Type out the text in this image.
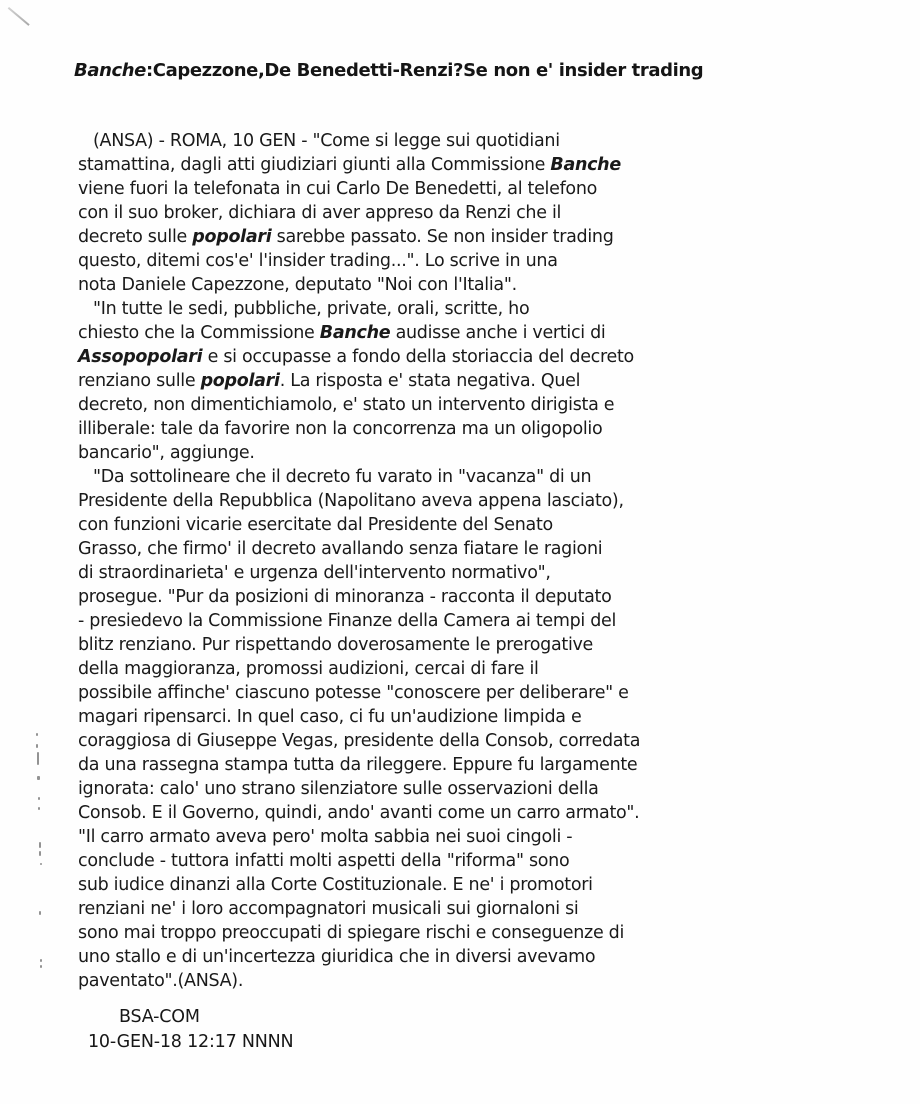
Banche:Capezzone,De Benedetti-Renzi?Se non e' insider trading
(ANSA) - ROMA, 10 GEN - "Come si legge sui quotidiani
stamattina, dagli atti giudiziari giunti alla Commissione Banche
viene fuori la telefonata in cui Carlo De Benedetti, al telefono
con il suo broker, dichiara di aver appreso da Renzi che il
decreto sulle popolari sarebbe passato. Se non insider trading
questo, ditemi cos'e' l'insider trading...". Lo scrive in una
nota Daniele Capezzone, deputato "Noi con l'Italia".
"In tutte le sedi, pubbliche, private, orali, scritte, ho
chiesto che la Commissione Banche audisse anche i vertici di
Assopopolari e si occupasse a fondo della storiaccia del decreto
renziano sulle popolari. La risposta e' stata negativa. Quel
decreto, non dimentichiamolo, e' stato un intervento dirigista e
illiberale: tale da favorire non la concorrenza ma un oligopolio
bancario", aggiunge.
"Da sottolineare che il decreto fu varato in "vacanza" di un
Presidente della Repubblica (Napolitano aveva appena lasciato),
con funzioni vicarie esercitate dal Presidente del Senato
Grasso, che firmo' il decreto avallando senza fiatare le ragioni
di straordinarieta' e urgenza dell'intervento normativo",
prosegue. "Pur da posizioni di minoranza - racconta il deputato
- presiedevo la Commissione Finanze della Camera ai tempi del
blitz renziano. Pur rispettando doverosamente le prerogative
della maggioranza, promossi audizioni, cercai di fare il
possibile affinche' ciascuno potesse "conoscere per deliberare" e
magari ripensarci. In quel caso, ci fu un'audizione limpida e
coraggiosa di Giuseppe Vegas, presidente della Consob, corredata
da una rassegna stampa tutta da rileggere. Eppure fu largamente
ignorata: calo' uno strano silenziatore sulle osservazioni della
Consob. E il Governo, quindi, ando' avanti come un carro armato".
"Il carro armato aveva pero' molta sabbia nei suoi cingoli -
conclude - tuttora infatti molti aspetti della "riforma" sono
sub iudice dinanzi alla Corte Costituzionale. E ne' i promotori
renziani ne' i loro accompagnatori musicali sui giornaloni si
sono mai troppo preoccupati di spiegare rischi e conseguenze di
uno stallo e di un'incertezza giuridica che in diversi avevamo
paventato".(ANSA).
BSA-COM
10-GEN-18 12:17 NNNN
